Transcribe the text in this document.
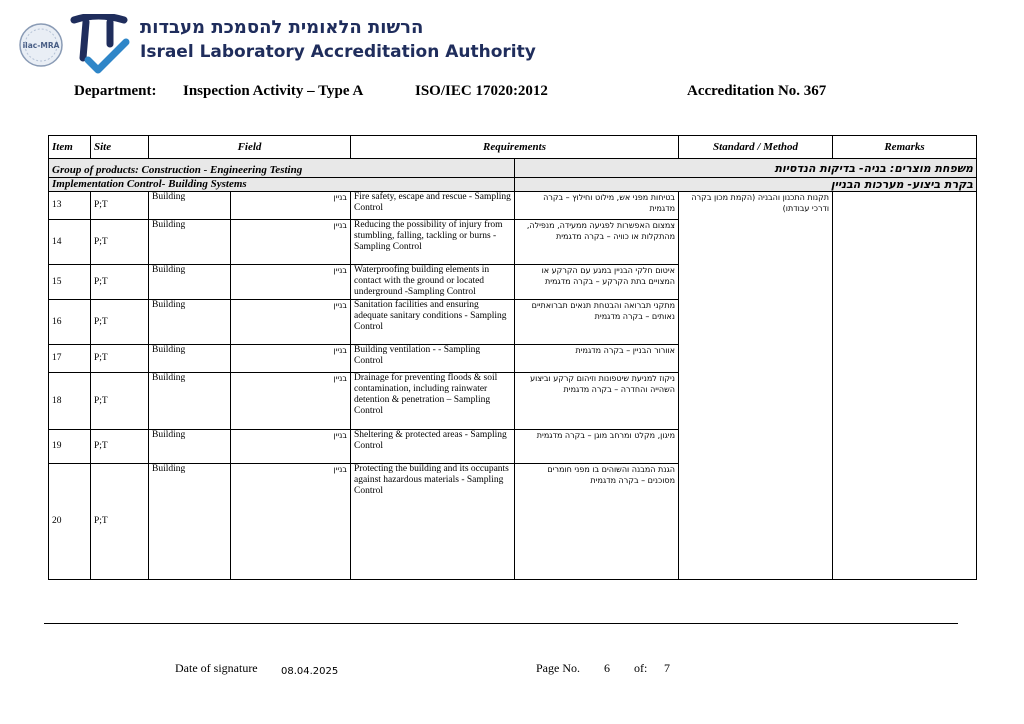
ilac-MRA
הרשות הלאומית להסמכת מעבדות
Israel Laboratory Accreditation Authority
Department: Inspection Activity – Type A	ISO/IEC 17020:2012	Accreditation No. 367
Item	Site	Field		Requirements		Standard / Method	Remarks
Group of products: Construction - Engineering Testing					משפחת מוצרים: בניה- בדיקות הנדסיות		
Implementation Control- Building Systems					בקרת ביצוע- מערכות הבניין		
13	P;T	Building	בניין	Fire safety, escape and rescue - Sampling Control	בטיחות מפני אש, מילוט וחילוץ – בקרה מדגמית	תקנות התכנון והבניה (הקמת מכון בקרה ודרכי עבודתו)	
14	P;T	Building	בניין	Reducing the possibility of injury from stumbling, falling, tackling or burns - Sampling Control	צמצום האפשרות לפגיעה ממעידה, מנפילה, מהתקלות או כוויה – בקרה מדגמית		
15	P;T	Building	בניין	Waterproofing building elements in contact with the ground or located underground -Sampling Control	איטום חלקי הבניין במגע עם הקרקע או המצויים בתת הקרקע – בקרה מדגמית		
16	P;T	Building	בניין	Sanitation facilities and ensuring adequate sanitary conditions - Sampling Control	מתקני תברואה והבטחת תנאים תברואתיים נאותים – בקרה מדגמית		
17	P;T	Building	בניין	Building ventilation - - Sampling Control	אוורור הבניין – בקרה מדגמית		
18	P;T	Building	בניין	Drainage for preventing floods & soil contamination, including rainwater detention & penetration – Sampling Control	ניקוז למניעת שיטפונות וזיהום קרקע וביצוע השהייה והחדרה – בקרה מדגמית		
19	P;T	Building	בניין	Sheltering & protected areas - Sampling Control	מיגון, מקלט ומרחב מוגן – בקרה מדגמית		
20	P;T	Building	בניין	Protecting the building and its occupants against hazardous materials - Sampling Control	הגנת המבנה והשוהים בו מפני חומרים מסוכנים – בקרה מדגמית		
Date of signature 08.04.2025	Page No. 6 of: 7
